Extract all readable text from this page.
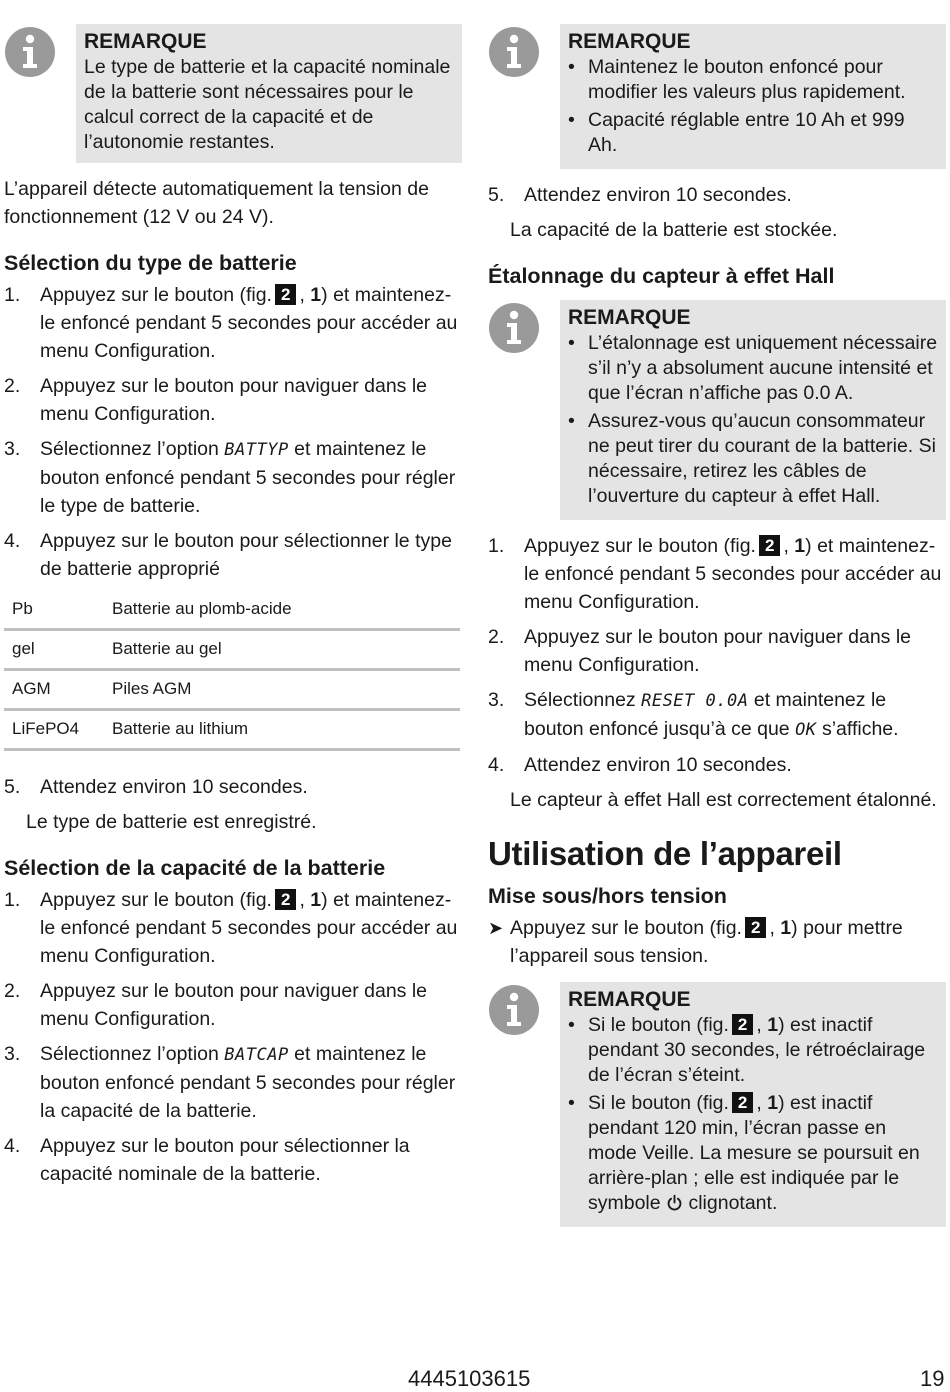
REMARQUE
Le type de batterie et la capacité nominale de la batterie sont nécessaires pour le calcul correct de la capacité et de l’autonomie restantes.

L’appareil détecte automatiquement la tension de fonctionnement (12 V ou 24 V).

Sélection du type de batterie
1. Appuyez sur le bouton (fig. 2 , 1) et maintenez-le enfoncé pendant 5 secondes pour accéder au menu Configuration.
2. Appuyez sur le bouton pour naviguer dans le menu Configuration.
3. Sélectionnez l’option BATTYP et maintenez le bouton enfoncé pendant 5 secondes pour régler le type de batterie.
4. Appuyez sur le bouton pour sélectionner le type de batterie approprié
Pb	Batterie au plomb-acide
gel	Batterie au gel
AGM	Piles AGM
LiFePO4	Batterie au lithium
5. Attendez environ 10 secondes.
Le type de batterie est enregistré.
Sélection de la capacité de la batterie
1. Appuyez sur le bouton (fig. 2 , 1) et maintenez-le enfoncé pendant 5 secondes pour accéder au menu Configuration.
2. Appuyez sur le bouton pour naviguer dans le menu Configuration.
3. Sélectionnez l’option BATCAP et maintenez le bouton enfoncé pendant 5 secondes pour régler la capacité de la batterie.
4. Appuyez sur le bouton pour sélectionner la capacité nominale de la batterie.
REMARQUE
• Maintenez le bouton enfoncé pour modifier les valeurs plus rapidement.
• Capacité réglable entre 10 Ah et 999 Ah.
5. Attendez environ 10 secondes.
La capacité de la batterie est stockée.
Étalonnage du capteur à effet Hall
REMARQUE
• L’étalonnage est uniquement nécessaire s’il n’y a absolument aucune intensité et que l’écran n’affiche pas 0.0 A.
• Assurez-vous qu’aucun consommateur ne peut tirer du courant de la batterie. Si nécessaire, retirez les câbles de l’ouverture du capteur à effet Hall.
1. Appuyez sur le bouton (fig. 2 , 1) et maintenez-le enfoncé pendant 5 secondes pour accéder au menu Configuration.
2. Appuyez sur le bouton pour naviguer dans le menu Configuration.
3. Sélectionnez RESET 0.0A et maintenez le bouton enfoncé jusqu’à ce que OK s’affiche.
4. Attendez environ 10 secondes.
Le capteur à effet Hall est correctement étalonné.
Utilisation de l’appareil
Mise sous/hors tension
➤ Appuyez sur le bouton (fig. 2 , 1) pour mettre l’appareil sous tension.
REMARQUE
• Si le bouton (fig. 2 , 1) est inactif pendant 30 secondes, le rétroéclairage de l’écran s’éteint.
• Si le bouton (fig. 2 , 1) est inactif pendant 120 min, l’écran passe en mode Veille. La mesure se poursuit en arrière-plan ; elle est indiquée par le symbole clignotant.
4445103615	19
